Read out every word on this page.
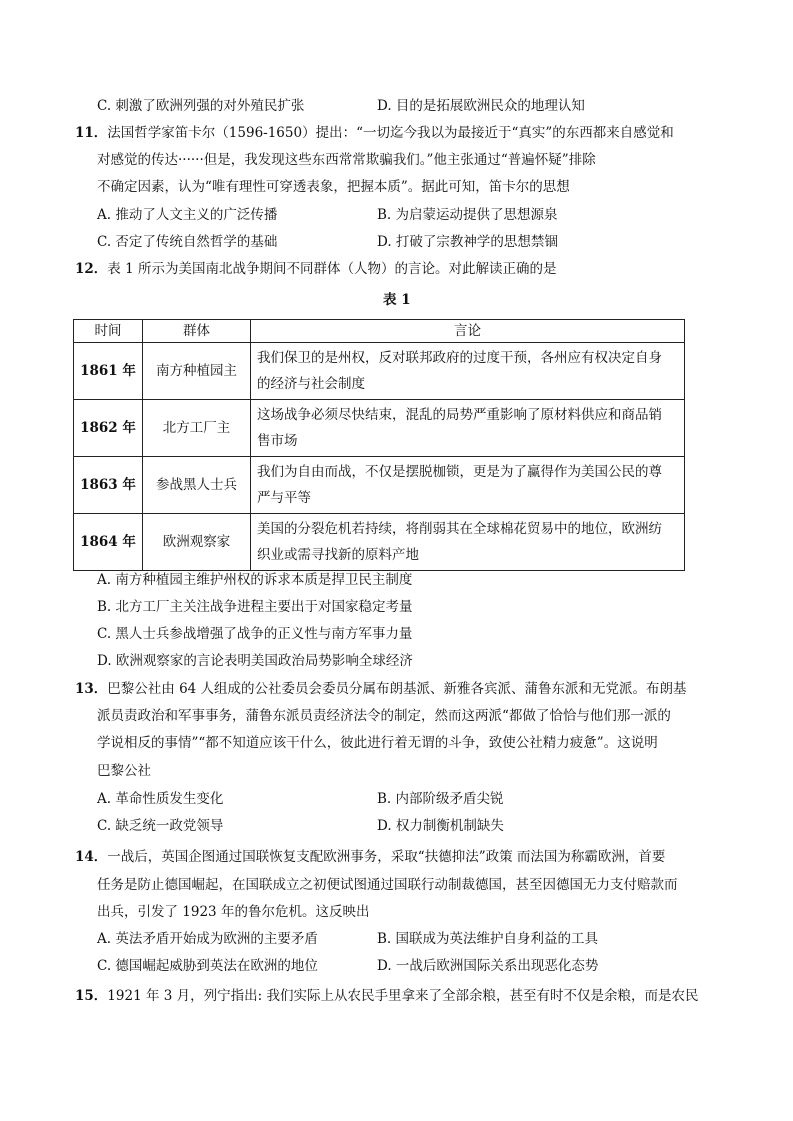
C. 刺激了欧洲列强的对外殖民扩张	D. 目的是拓展欧洲民众的地理认知
11．法国哲学家笛卡尔（1596-1650）提出：“一切迄今我以为最接近于“真实”的东西都来自感觉和
对感觉的传达······但是，我发现这些东西常常欺骗我们。”他主张通过“普遍怀疑”排除
不确定因素，认为“唯有理性可穿透表象，把握本质”。据此可知，笛卡尔的思想
A. 推动了人文主义的广泛传播	B. 为启蒙运动提供了思想源泉
C. 否定了传统自然哲学的基础	D. 打破了宗教神学的思想禁锢
12．表 1 所示为美国南北战争期间不同群体（人物）的言论。对此解读正确的是
表 1
时间	群体	言论
1861 年	南方种植园主	我们保卫的是州权，反对联邦政府的过度干预，各州应有权决定自身
的经济与社会制度
1862 年	北方工厂主	这场战争必须尽快结束，混乱的局势严重影响了原材料供应和商品销
售市场
1863 年	参战黑人士兵	我们为自由而战，不仅是摆脱枷锁，更是为了赢得作为美国公民的尊
严与平等
1864 年	欧洲观察家	美国的分裂危机若持续，将削弱其在全球棉花贸易中的地位，欧洲纺
织业或需寻找新的原料产地
A. 南方种植园主维护州权的诉求本质是捍卫民主制度
B. 北方工厂主关注战争进程主要出于对国家稳定考量
C. 黑人士兵参战增强了战争的正义性与南方军事力量
D. 欧洲观察家的言论表明美国政治局势影响全球经济
13．巴黎公社由 64 人组成的公社委员会委员分属布朗基派、新雅各宾派、蒲鲁东派和无党派。布朗基
派员责政治和军事事务，蒲鲁东派员责经济法令的制定，然而这两派“都做了恰恰与他们那一派的
学说相反的事情”“都不知道应该干什么，彼此进行着无谓的斗争，致使公社精力疲惫”。这说明
巴黎公社
A. 革命性质发生变化	B. 内部阶级矛盾尖锐
C. 缺乏统一政党领导	D. 权力制衡机制缺失
14．一战后，英国企图通过国联恢复支配欧洲事务，采取“扶德抑法”政策 而法国为称霸欧洲，首要
任务是防止德国崛起，在国联成立之初便试图通过国联行动制裁德国，甚至因德国无力支付赔款而
出兵，引发了 1923 年的鲁尔危机。这反映出
A. 英法矛盾开始成为欧洲的主要矛盾	B. 国联成为英法维护自身利益的工具
C. 德国崛起威胁到英法在欧洲的地位	D. 一战后欧洲国际关系出现恶化态势
15．1921 年 3 月，列宁指出: 我们实际上从农民手里拿来了全部余粮，甚至有时不仅是余粮，而是农民
